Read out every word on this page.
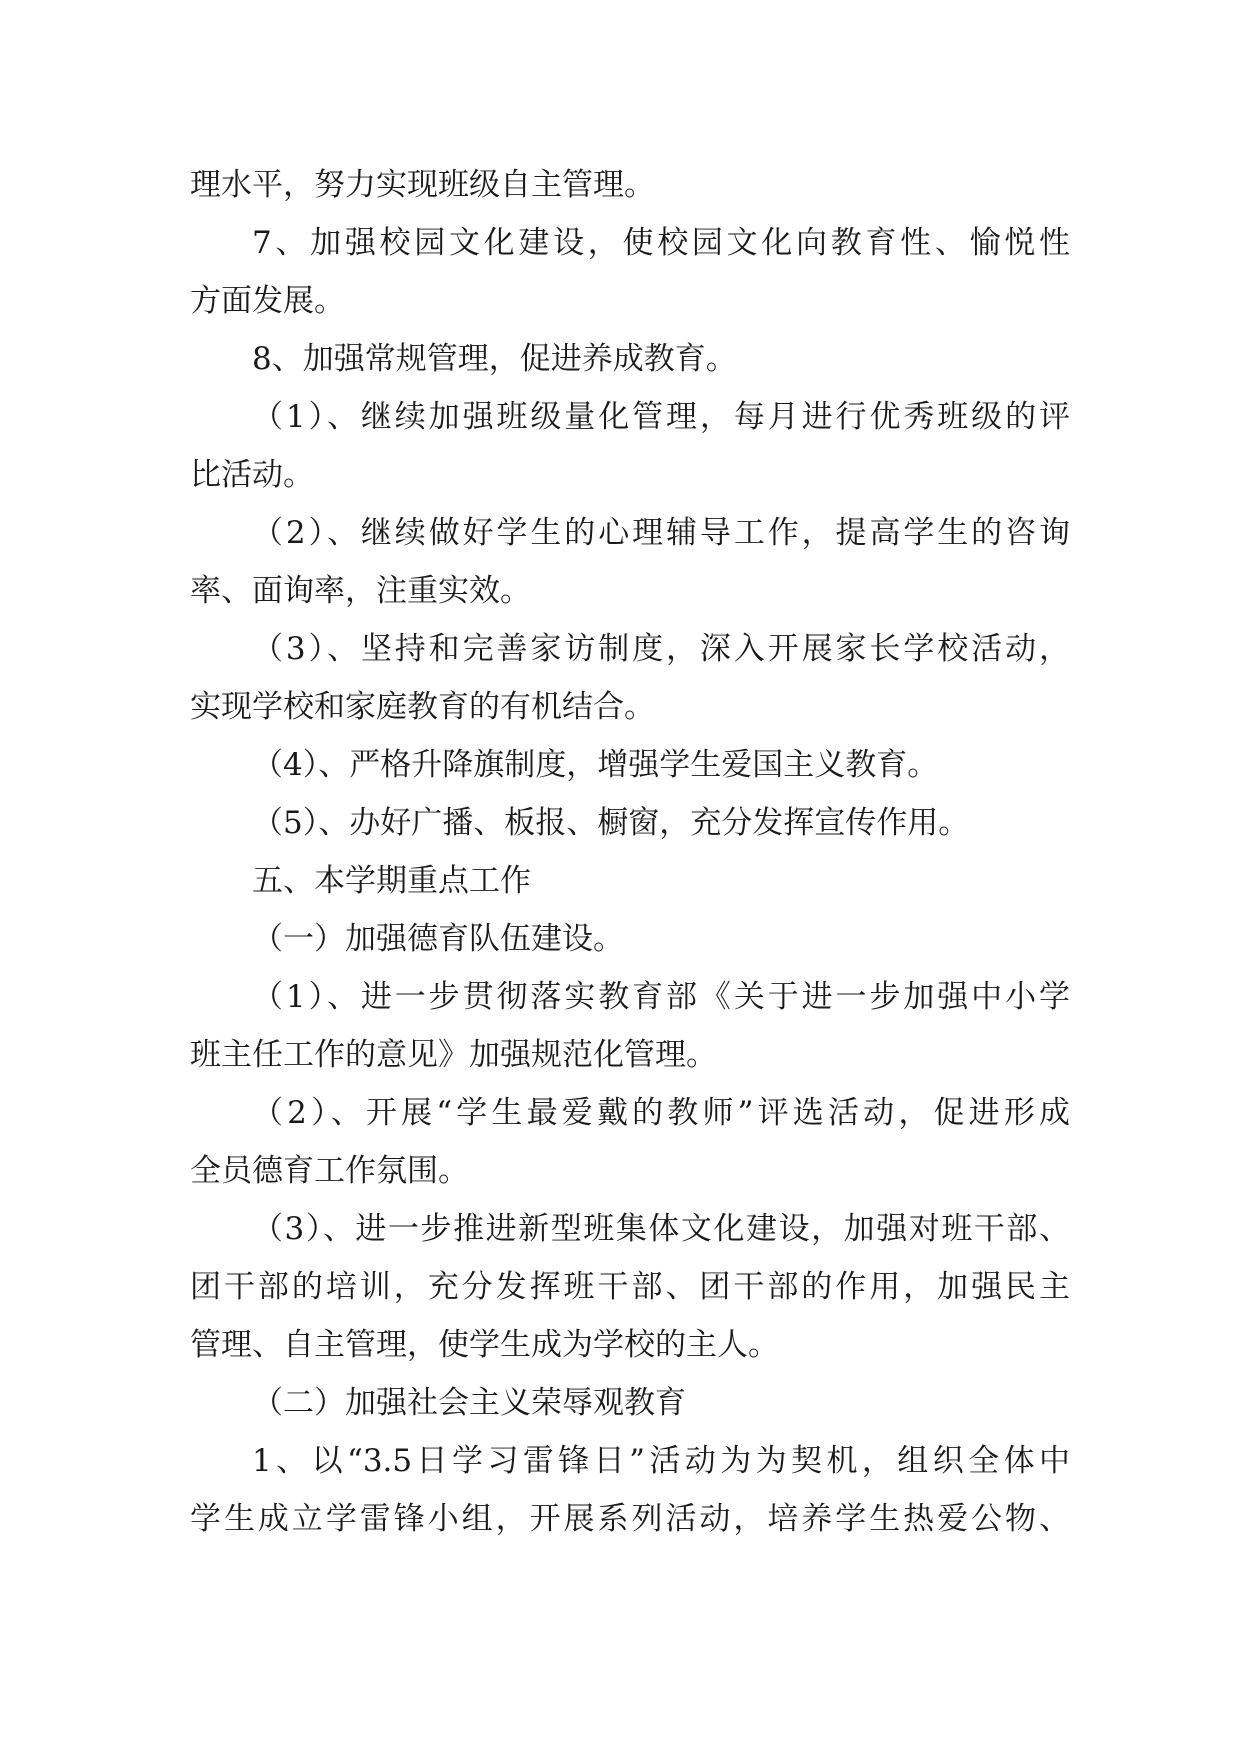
理水平，努力实现班级自主管理。
7、加强校园文化建设，使校园文化向教育性、愉悦性
方面发展。
8、加强常规管理，促进养成教育。
（1）、继续加强班级量化管理，每月进行优秀班级的评
比活动。
（2）、继续做好学生的心理辅导工作，提高学生的咨询
率、面询率，注重实效。
（3）、坚持和完善家访制度，深入开展家长学校活动，
实现学校和家庭教育的有机结合。
（4）、严格升降旗制度，增强学生爱国主义教育。
（5）、办好广播、板报、橱窗，充分发挥宣传作用。
五、本学期重点工作
（一）加强德育队伍建设。
（1）、进一步贯彻落实教育部《关于进一步加强中小学
班主任工作的意见》加强规范化管理。
（2）、开展“学生最爱戴的教师”评选活动，促进形成
全员德育工作氛围。
（3）、进一步推进新型班集体文化建设，加强对班干部、
团干部的培训，充分发挥班干部、团干部的作用，加强民主
管理、自主管理，使学生成为学校的主人。
（二）加强社会主义荣辱观教育
1、以“3.5日学习雷锋日”活动为为契机，组织全体中
学生成立学雷锋小组，开展系列活动，培养学生热爱公物、
